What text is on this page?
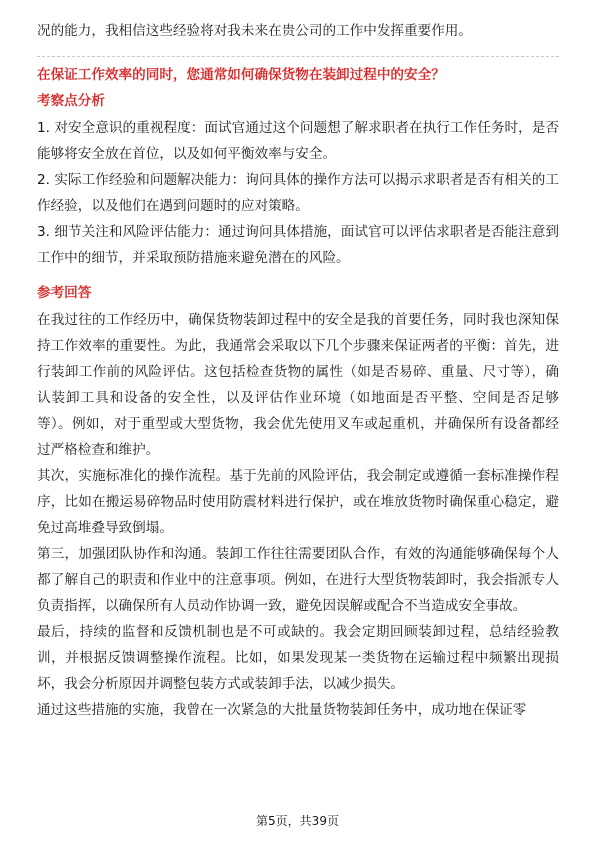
况的能力，我相信这些经验将对我未来在贵公司的工作中发挥重要作用。

在保证工作效率的同时，您通常如何确保货物在装卸过程中的安全？
考察点分析

1. 对安全意识的重视程度：面试官通过这个问题想了解求职者在执行工作任务时，是否能够将安全放在首位，以及如何平衡效率与安全。

2. 实际工作经验和问题解决能力：询问具体的操作方法可以揭示求职者是否有相关的工作经验，以及他们在遇到问题时的应对策略。

3. 细节关注和风险评估能力：通过询问具体措施，面试官可以评估求职者是否能注意到工作中的细节，并采取预防措施来避免潜在的风险。

参考回答

在我过往的工作经历中，确保货物装卸过程中的安全是我的首要任务，同时我也深知保持工作效率的重要性。为此，我通常会采取以下几个步骤来保证两者的平衡：首先，进行装卸工作前的风险评估。这包括检查货物的属性（如是否易碎、重量、尺寸等），确认装卸工具和设备的安全性，以及评估作业环境（如地面是否平整、空间是否足够等）。例如，对于重型或大型货物，我会优先使用叉车或起重机，并确保所有设备都经过严格检查和维护。

其次，实施标准化的操作流程。基于先前的风险评估，我会制定或遵循一套标准操作程序，比如在搬运易碎物品时使用防震材料进行保护，或在堆放货物时确保重心稳定，避免过高堆叠导致倒塌。

第三，加强团队协作和沟通。装卸工作往往需要团队合作，有效的沟通能够确保每个人都了解自己的职责和作业中的注意事项。例如，在进行大型货物装卸时，我会指派专人负责指挥，以确保所有人员动作协调一致，避免因误解或配合不当造成安全事故。

最后，持续的监督和反馈机制也是不可或缺的。我会定期回顾装卸过程，总结经验教训，并根据反馈调整操作流程。比如，如果发现某一类货物在运输过程中频繁出现损坏，我会分析原因并调整包装方式或装卸手法，以减少损失。

通过这些措施的实施，我曾在一次紧急的大批量货物装卸任务中，成功地在保证零

第5页，共39页
